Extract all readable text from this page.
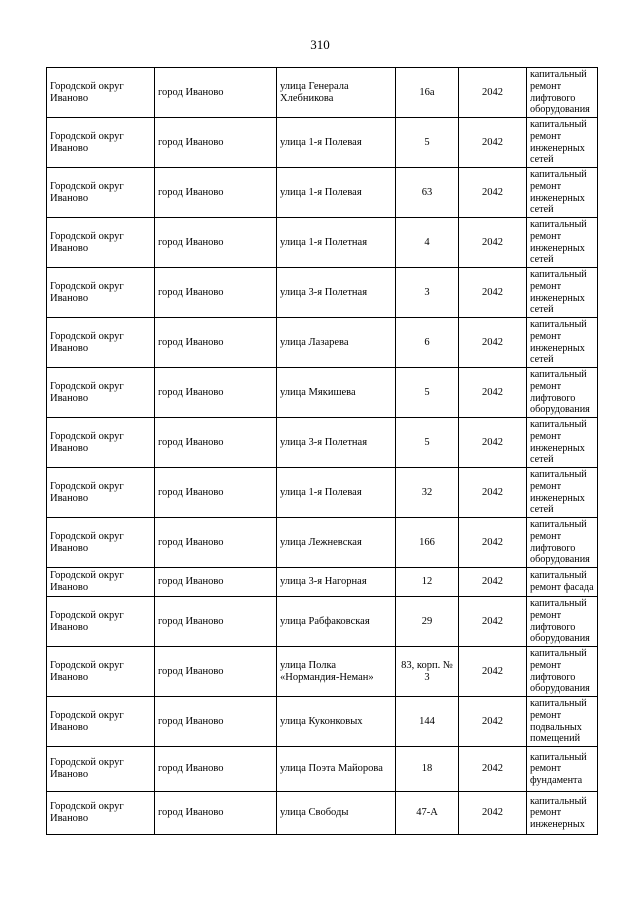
310
Городской округ Иваново	город Иваново	улица Генерала Хлебникова	16а	2042	капитальный ремонт лифтового оборудования
Городской округ Иваново	город Иваново	улица 1-я Полевая	5	2042	капитальный ремонт инженерных сетей
Городской округ Иваново	город Иваново	улица 1-я Полевая	63	2042	капитальный ремонт инженерных сетей
Городской округ Иваново	город Иваново	улица 1-я Полетная	4	2042	капитальный ремонт инженерных сетей
Городской округ Иваново	город Иваново	улица 3-я Полетная	3	2042	капитальный ремонт инженерных сетей
Городской округ Иваново	город Иваново	улица Лазарева	6	2042	капитальный ремонт инженерных сетей
Городской округ Иваново	город Иваново	улица Мякишева	5	2042	капитальный ремонт лифтового оборудования
Городской округ Иваново	город Иваново	улица 3-я Полетная	5	2042	капитальный ремонт инженерных сетей
Городской округ Иваново	город Иваново	улица 1-я Полевая	32	2042	капитальный ремонт инженерных сетей
Городской округ Иваново	город Иваново	улица Лежневская	166	2042	капитальный ремонт лифтового оборудования
Городской округ Иваново	город Иваново	улица 3-я Нагорная	12	2042	капитальный ремонт фасада
Городской округ Иваново	город Иваново	улица Рабфаковская	29	2042	капитальный ремонт лифтового оборудования
Городской округ Иваново	город Иваново	улица Полка «Нормандия-Неман»	83, корп. № 3	2042	капитальный ремонт лифтового оборудования
Городской округ Иваново	город Иваново	улица Куконковых	144	2042	капитальный ремонт подвальных помещений
Городской округ Иваново	город Иваново	улица Поэта Майорова	18	2042	капитальный ремонт фундамента
Городской округ Иваново	город Иваново	улица Свободы	47-А	2042	капитальный ремонт инженерных
